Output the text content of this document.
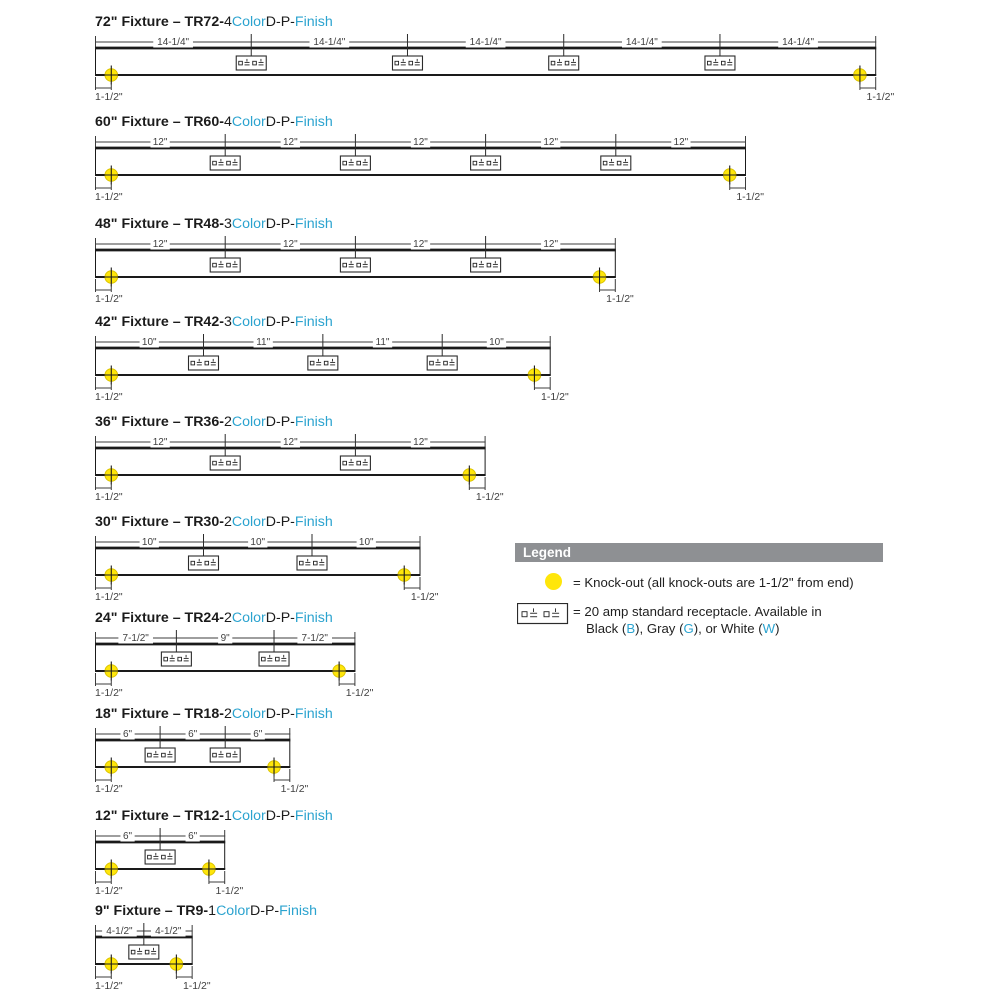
72" Fixture – TR72-4ColorD-P-Finish
14-1/4"	14-1/4"	14-1/4"	14-1/4"	14-1/4"
1-1/2"	1-1/2"
60" Fixture – TR60-4ColorD-P-Finish
12"	12"	12"	12"	12"
1-1/2"	1-1/2"
48" Fixture – TR48-3ColorD-P-Finish
12"	12"	12"	12"
1-1/2"	1-1/2"
42" Fixture – TR42-3ColorD-P-Finish
10"	11"	11"	10"
1-1/2"	1-1/2"
36" Fixture – TR36-2ColorD-P-Finish
12"	12"	12"
1-1/2"	1-1/2"
30" Fixture – TR30-2ColorD-P-Finish
10"	10"	10"
1-1/2"	1-1/2"
24" Fixture – TR24-2ColorD-P-Finish
7-1/2"	9"	7-1/2"
1-1/2"	1-1/2"
18" Fixture – TR18-2ColorD-P-Finish
6"	6"	6"
1-1/2"	1-1/2"
12" Fixture – TR12-1ColorD-P-Finish
6"	6"
1-1/2"	1-1/2"
9" Fixture – TR9-1ColorD-P-Finish
4-1/2" 4-1/2"
1-1/2"	1-1/2"
Legend
= Knock-out (all knock-outs are 1-1/2" from end)
= 20 amp standard receptacle. Available in
Black (B), Gray (G), or White (W)
